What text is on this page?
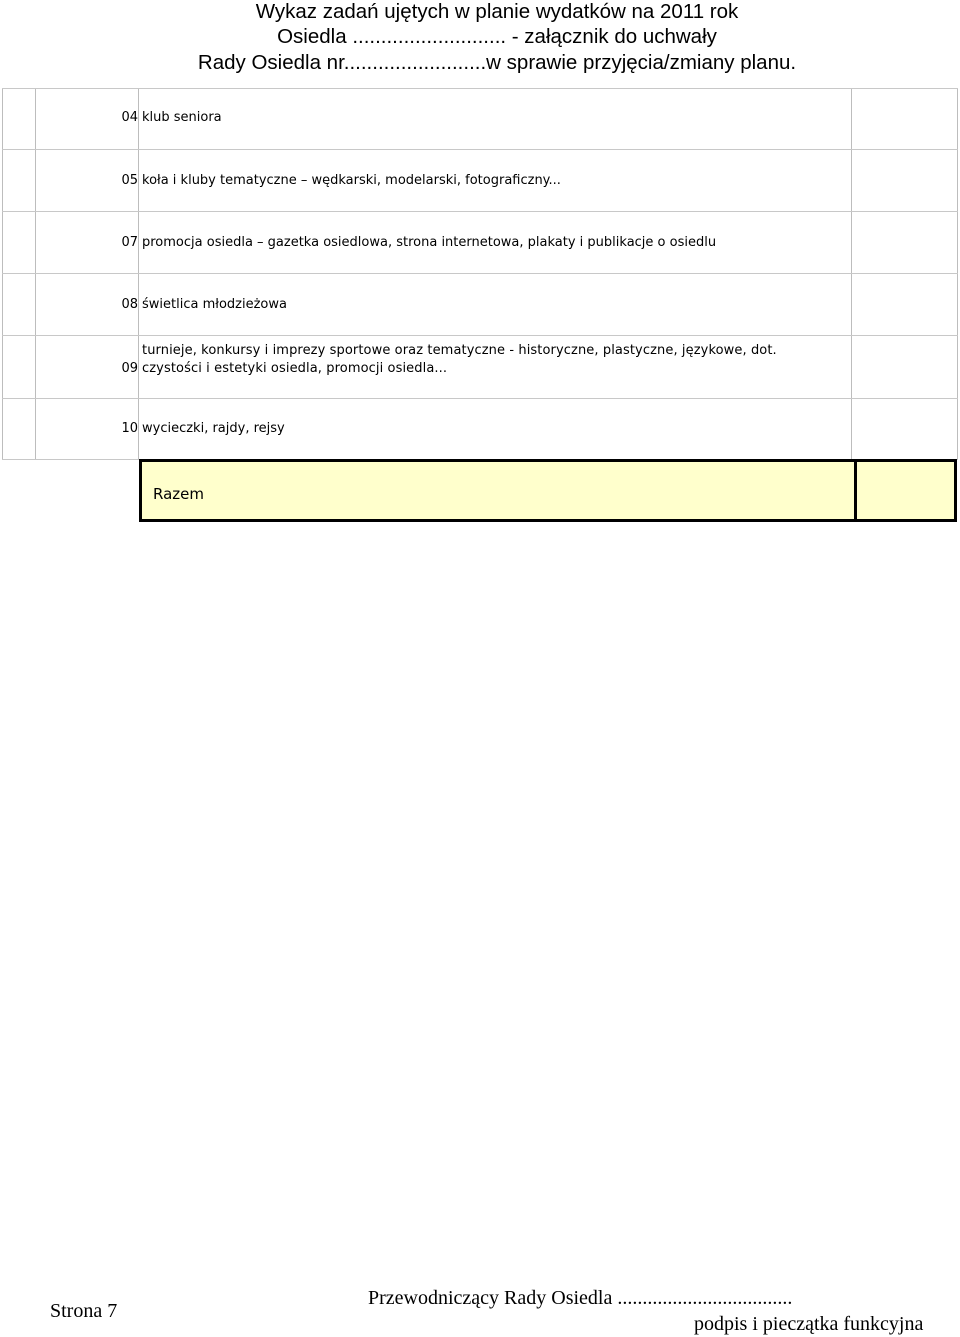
Wykaz zadań ujętych w planie wydatków na 2011 rok
Osiedla ........................... - załącznik do uchwały
Rady Osiedla nr.........................w sprawie przyjęcia/zmiany planu.
04 klub seniora
05 koła i kluby tematyczne – wędkarski, modelarski, fotograficzny...
07 promocja osiedla – gazetka osiedlowa, strona internetowa, plakaty i publikacje o osiedlu
08 świetlica młodzieżowa
09
turnieje, konkursy i imprezy sportowe oraz tematyczne - historyczne, plastyczne, językowe, dot.
czystości i estetyki osiedla, promocji osiedla...
10 wycieczki, rajdy, rejsy
Razem
Strona 7
Przewodniczący Rady Osiedla ...................................
podpis i pieczątka funkcyjna
